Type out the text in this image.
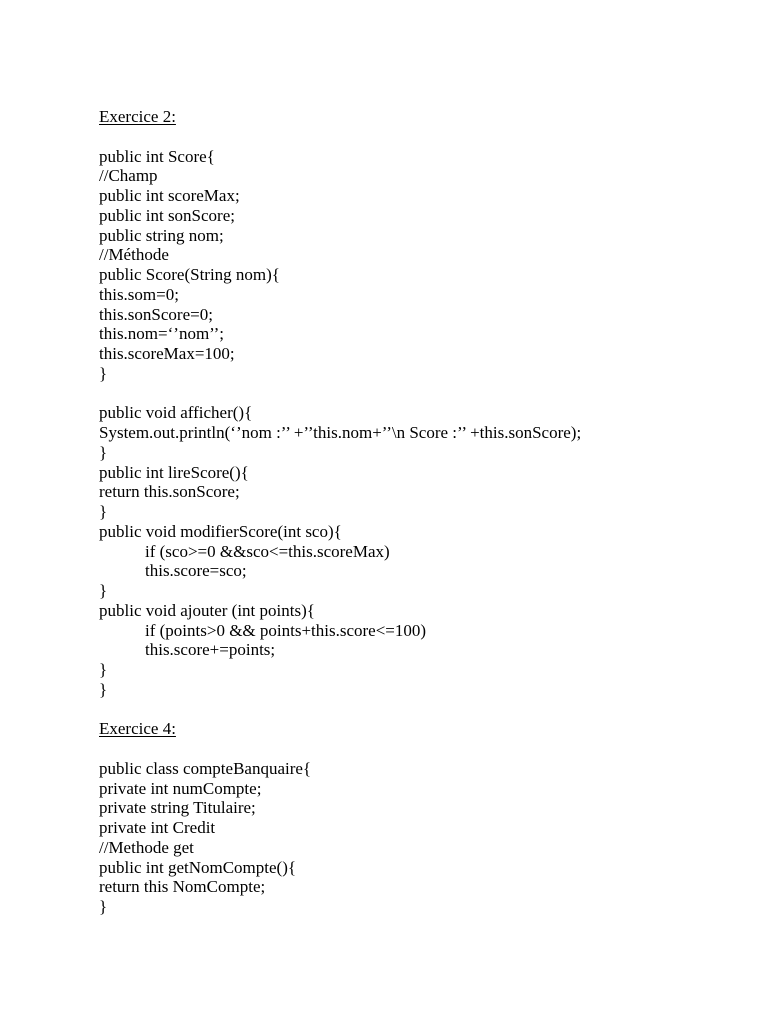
Exercice 2:
public int Score{
//Champ
public int scoreMax;
public int sonScore;
public string nom;
//Méthode
public Score(String nom){
this.som=0;
this.sonScore=0;
this.nom=‘’nom’’;
this.scoreMax=100;
}
public void afficher(){
System.out.println(‘’nom :’’ +’’this.nom+’’\n Score :’’ +this.sonScore);
}
public int lireScore(){
return this.sonScore;
}
public void modifierScore(int sco){
if (sco>=0 &&sco<=this.scoreMax)
this.score=sco;
}
public void ajouter (int points){
if (points>0 && points+this.score<=100)
this.score+=points;
}
}
Exercice 4:
public class compteBanquaire{
private int numCompte;
private string Titulaire;
private int Credit
//Methode get
public int getNomCompte(){
return this NomCompte;
}
